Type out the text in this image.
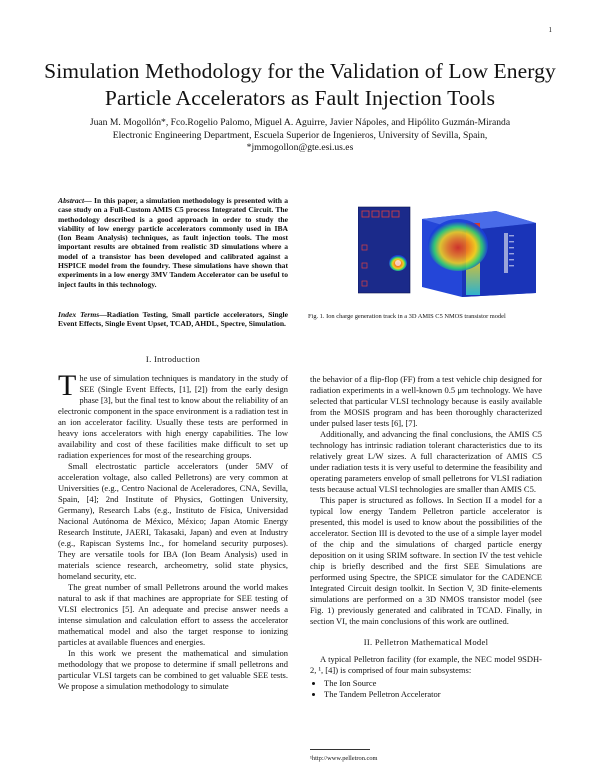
1
Simulation Methodology for the Validation of Low Energy Particle Accelerators as Fault Injection Tools
Juan M. Mogollón*, Fco.Rogelio Palomo, Miguel A. Aguirre, Javier Nápoles, and Hipólito Guzmán-Miranda
Electronic Engineering Department, Escuela Superior de Ingenieros, University of Sevilla, Spain,
*jmmogollon@gte.esi.us.es
Abstract— In this paper, a simulation methodology is presented with a case study on a Full-Custom AMIS C5 process Integrated Circuit. The methodology described is a good approach in order to study the viability of low energy particle accelerators commonly used in IBA (Ion Beam Analysis) techniques, as fault injection tools. The most important results are obtained from realistic 3D simulations where a model of a transistor has been developed and calibrated against a HSPICE model from the foundry. These simulations have shown that experiments in a low energy 3MV Tandem Accelerator can be useful to inject faults in this technology.
Index Terms—Radiation Testing, Small particle accelerators, Single Event Effects, Single Event Upset, TCAD, AHDL, Spectre, Simulation.
Fig. 1. Ion charge generation track in a 3D AMIS C5 NMOS transistor model
I. Introduction

The use of simulation techniques is mandatory in the study of SEE (Single Event Effects, [1], [2]) from the early design phase [3], but the final test to know about the reliability of an electronic component in the space environment is a radiation test in an ion accelerator facility. Usually these tests are performed in heavy ions accelerators with high energy capabilities. The low availability and cost of these facilities make difficult to set up radiation experiences for most of the researching groups.

Small electrostatic particle accelerators (under 5MV of acceleration voltage, also called Pelletrons) are very common at Universities (e.g., Centro Nacional de Aceleradores, CNA, Sevilla, Spain, [4]; 2nd Institute of Physics, Gottingen University, Germany), Research Labs (e.g., Instituto de Física, Universidad Nacional Autónoma de México, México; Japan Atomic Energy Research Institute, JAERI, Takasaki, Japan) and even at Industry (e.g., Rapiscan Systems Inc., for homeland security purposes). They are versatile tools for IBA (Ion Beam Analysis) used in materials science research, archeometry, solid state physics, homeland security, etc.

The great number of small Pelletrons around the world makes natural to ask if that machines are appropriate for SEE testing of VLSI electronics [5]. An adequate and precise answer needs a intense simulation and calculation effort to assess the accelerator mathematical model and also the target response to ionizing particles at available fluences and energies.

In this work we present the mathematical and simulation methodology that we propose to determine if small pelletrons and particular VLSI targets can be combined to get valuable SEE tests. We propose a simulation methodology to simulate

the behavior of a flip-flop (FF) from a test vehicle chip designed for radiation experiments in a well-known 0.5 μm technology. We have selected that particular VLSI technology because is easily available from the MOSIS program and has been thoroughly characterized under pulsed laser tests [6], [7].

Additionally, and advancing the final conclusions, the AMIS C5 technology has intrinsic radiation tolerant characteristics due to its relatively great L/W sizes. A full characterization of AMIS C5 under radiation tests it is very useful to determine the feasibility and operating parameters envelop of small pelletrons for VLSI radiation tests because actual VLSI technologies are smaller than AMIS C5.

This paper is structured as follows. In Section II a model for a typical low energy Tandem Pelletron particle accelerator is presented, this model is used to know about the possibilities of the accelerator. Section III is devoted to the use of a simple layer model of the chip and the simulations of charged particle energy deposition on it using SRIM software. In section IV the test vehicle chip is briefly described and the first SEE Simulations are performed using Spectre, the SPICE simulator for the CADENCE Integrated Circuit design toolkit. In Section V, 3D finite-elements simulations are performed on a 3D NMOS transistor model (see Fig. 1) previously generated and calibrated in TCAD. Finally, in section VI, the main conclusions of this work are outlined.

II. Pelletron Mathematical Model

A typical Pelletron facility (for example, the NEC model 9SDH-2, ¹, [4]) is comprised of four main subsystems:

• The Ion Source
• The Tandem Pelletron Accelerator
¹http://www.pelletron.com
